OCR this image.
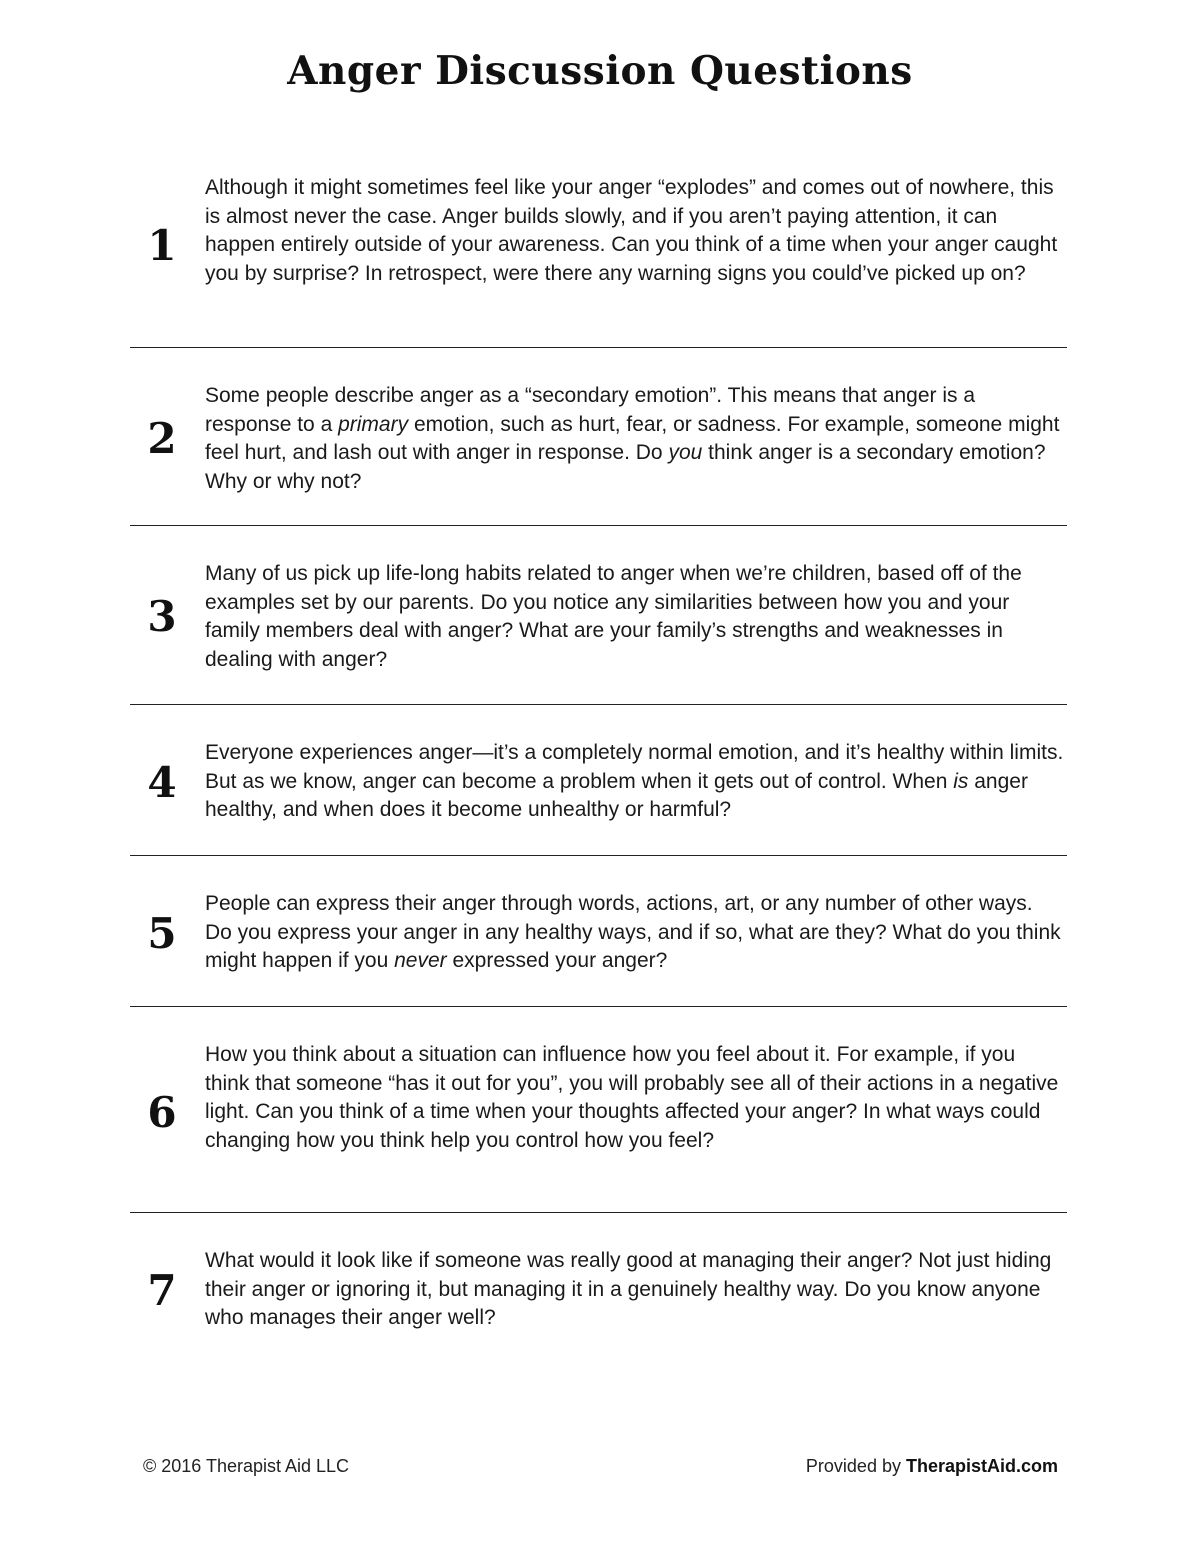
Anger Discussion Questions
1

Although it might sometimes feel like your anger “explodes” and comes out of nowhere, this is almost never the case. Anger builds slowly, and if you aren’t paying attention, it can happen entirely outside of your awareness. Can you think of a time when your anger caught you by surprise? In retrospect, were there any warning signs you could’ve picked up on?

2

Some people describe anger as a “secondary emotion”. This means that anger is a response to a primary emotion, such as hurt, fear, or sadness. For example, someone might feel hurt, and lash out with anger in response. Do you think anger is a secondary emotion? Why or why not?

3

Many of us pick up life-long habits related to anger when we’re children, based off of the examples set by our parents. Do you notice any similarities between how you and your family members deal with anger? What are your family’s strengths and weaknesses in dealing with anger?

4

Everyone experiences anger—it’s a completely normal emotion, and it’s healthy within limits. But as we know, anger can become a problem when it gets out of control. When is anger healthy, and when does it become unhealthy or harmful?

5

People can express their anger through words, actions, art, or any number of other ways. Do you express your anger in any healthy ways, and if so, what are they? What do you think might happen if you never expressed your anger?

6

How you think about a situation can influence how you feel about it. For example, if you think that someone “has it out for you”, you will probably see all of their actions in a negative light. Can you think of a time when your thoughts affected your anger? In what ways could changing how you think help you control how you feel?

7

What would it look like if someone was really good at managing their anger? Not just hiding their anger or ignoring it, but managing it in a genuinely healthy way. Do you know anyone who manages their anger well?

© 2016 Therapist Aid LLC	Provided by TherapistAid.com
